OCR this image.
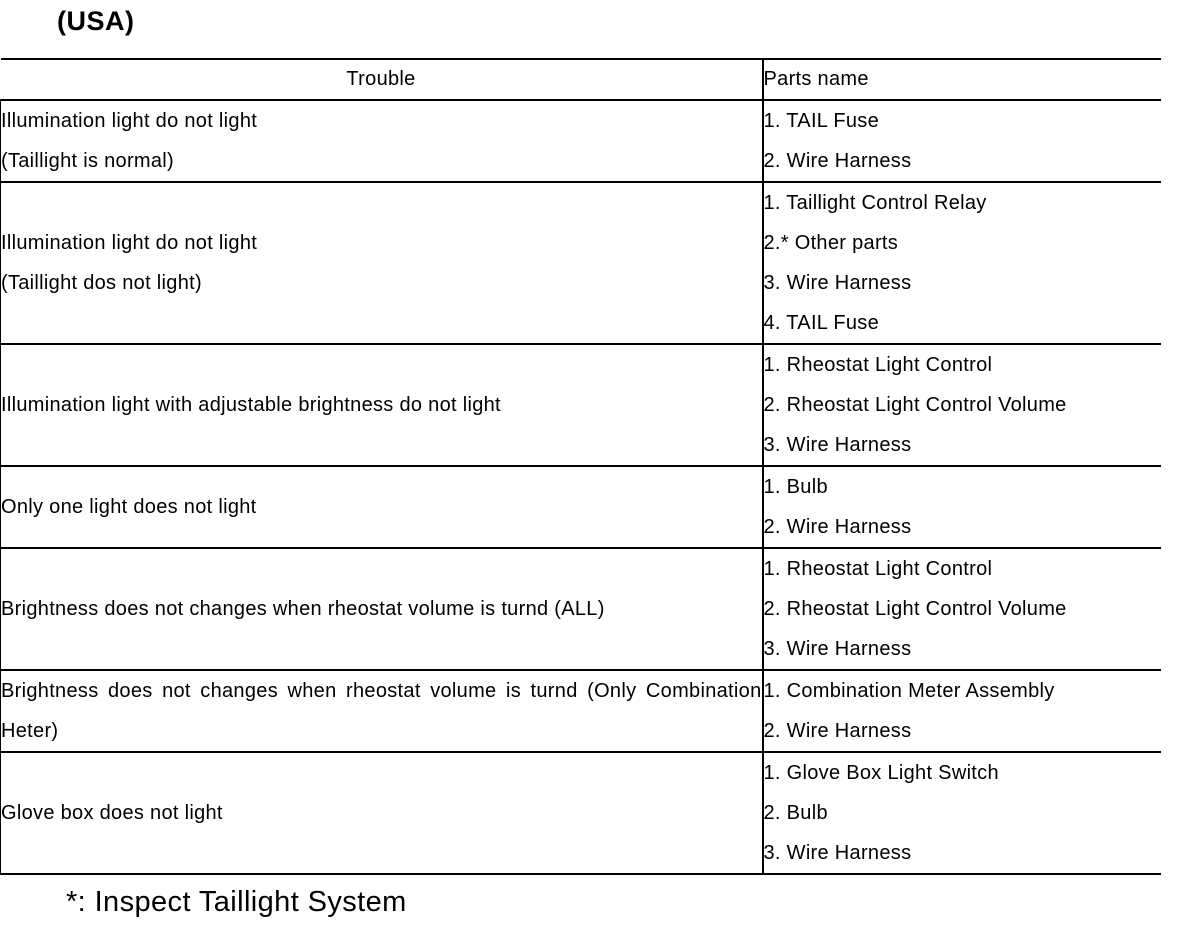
(USA)
Trouble	Parts name

Illumination light do not light
(Taillight is normal)	1. TAIL Fuse
2. Wire Harness

Illumination light do not light
(Taillight dos not light)	1. Taillight Control Relay
2.* Other parts
3. Wire Harness
4. TAIL Fuse

Illumination light with adjustable brightness do not light	1. Rheostat Light Control
2. Rheostat Light Control Volume
3. Wire Harness

Only one light does not light	1. Bulb
2. Wire Harness

Brightness does not changes when rheostat volume is turnd (ALL)	1. Rheostat Light Control
2. Rheostat Light Control Volume
3. Wire Harness

Brightness does not changes when rheostat volume is turnd (Only Combination Heter)	1. Combination Meter Assembly
2. Wire Harness

Glove box does not light	1. Glove Box Light Switch
2. Bulb
3. Wire Harness
*: Inspect Taillight System
